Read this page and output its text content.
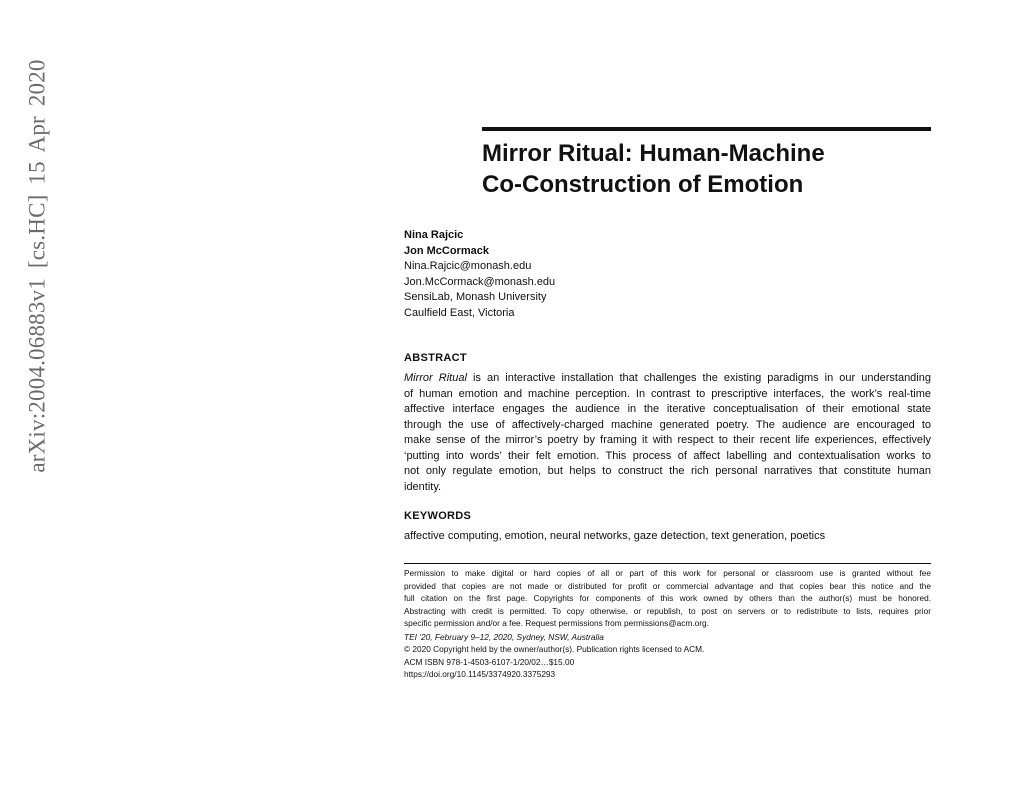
arXiv:2004.06883v1 [cs.HC] 15 Apr 2020	Mirror Ritual: Human-Machine
Co-Construction of Emotion
Nina Rajcic
Jon McCormack
Nina.Rajcic@monash.edu
Jon.McCormack@monash.edu
SensiLab, Monash University
Caulfield East, Victoria
ABSTRACT
Mirror Ritual is an interactive installation that challenges the existing paradigms in our understanding
of human emotion and machine perception. In contrast to prescriptive interfaces, the work’s real-time
affective interface engages the audience in the iterative conceptualisation of their emotional state
through the use of affectively-charged machine generated poetry. The audience are encouraged to
make sense of the mirror’s poetry by framing it with respect to their recent life experiences, effectively
‘putting into words’ their felt emotion. This process of affect labelling and contextualisation works to
not only regulate emotion, but helps to construct the rich personal narratives that constitute human
identity.
KEYWORDS
affective computing, emotion, neural networks, gaze detection, text generation, poetics
Permission to make digital or hard copies of all or part of this work for personal or classroom use is granted without fee
provided that copies are not made or distributed for profit or commercial advantage and that copies bear this notice and the
full citation on the first page. Copyrights for components of this work owned by others than the author(s) must be honored.
Abstracting with credit is permitted. To copy otherwise, or republish, to post on servers or to redistribute to lists, requires prior
specific permission and/or a fee. Request permissions from permissions@acm.org.
TEI ’20, February 9–12, 2020, Sydney, NSW, Australia
© 2020 Copyright held by the owner/author(s). Publication rights licensed to ACM.
ACM ISBN 978-1-4503-6107-1/20/02…$15.00
https://doi.org/10.1145/3374920.3375293
